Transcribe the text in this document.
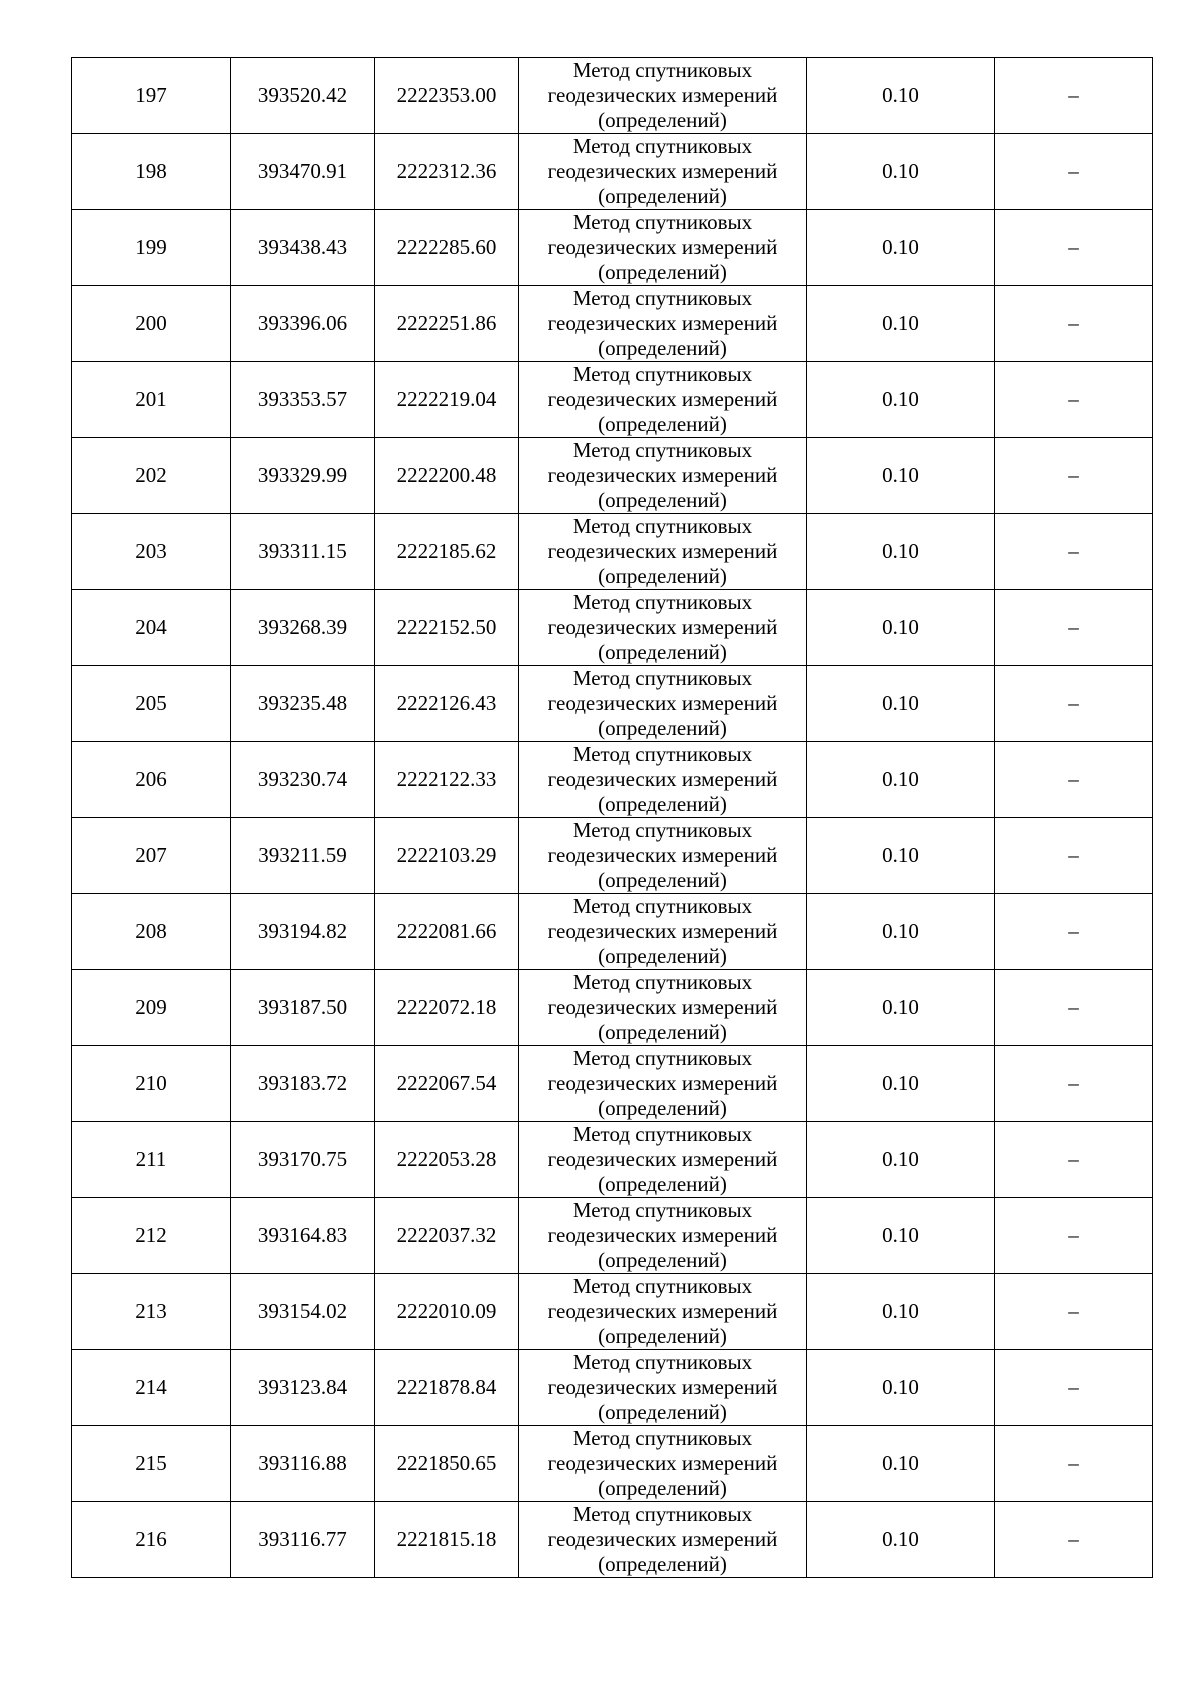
197	393520.42	2222353.00	Метод спутниковых
геодезических измерений
(определений)	0.10	–
198	393470.91	2222312.36	Метод спутниковых
геодезических измерений
(определений)	0.10	–
199	393438.43	2222285.60	Метод спутниковых
геодезических измерений
(определений)	0.10	–
200	393396.06	2222251.86	Метод спутниковых
геодезических измерений
(определений)	0.10	–
201	393353.57	2222219.04	Метод спутниковых
геодезических измерений
(определений)	0.10	–
202	393329.99	2222200.48	Метод спутниковых
геодезических измерений
(определений)	0.10	–
203	393311.15	2222185.62	Метод спутниковых
геодезических измерений
(определений)	0.10	–
204	393268.39	2222152.50	Метод спутниковых
геодезических измерений
(определений)	0.10	–
205	393235.48	2222126.43	Метод спутниковых
геодезических измерений
(определений)	0.10	–
206	393230.74	2222122.33	Метод спутниковых
геодезических измерений
(определений)	0.10	–
207	393211.59	2222103.29	Метод спутниковых
геодезических измерений
(определений)	0.10	–
208	393194.82	2222081.66	Метод спутниковых
геодезических измерений
(определений)	0.10	–
209	393187.50	2222072.18	Метод спутниковых
геодезических измерений
(определений)	0.10	–
210	393183.72	2222067.54	Метод спутниковых
геодезических измерений
(определений)	0.10	–
211	393170.75	2222053.28	Метод спутниковых
геодезических измерений
(определений)	0.10	–
212	393164.83	2222037.32	Метод спутниковых
геодезических измерений
(определений)	0.10	–
213	393154.02	2222010.09	Метод спутниковых
геодезических измерений
(определений)	0.10	–
214	393123.84	2221878.84	Метод спутниковых
геодезических измерений
(определений)	0.10	–
215	393116.88	2221850.65	Метод спутниковых
геодезических измерений
(определений)	0.10	–
216	393116.77	2221815.18	Метод спутниковых
геодезических измерений
(определений)	0.10	–
